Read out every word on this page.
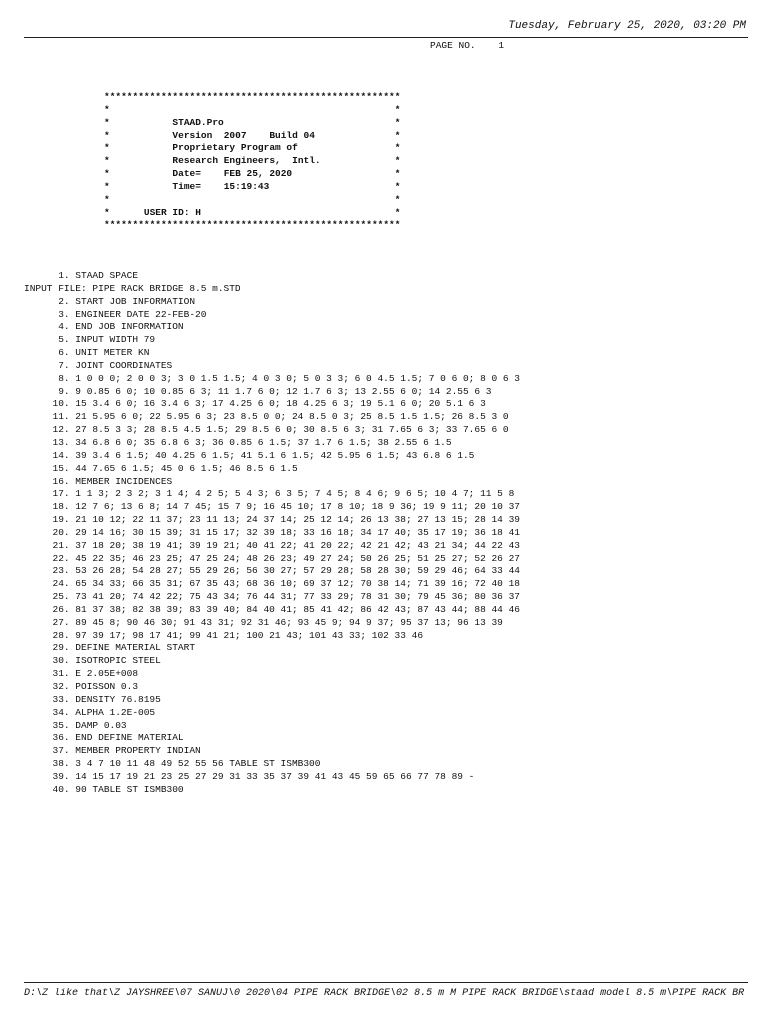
Tuesday, February 25, 2020, 03:20 PM
PAGE NO.    1
****************************************************
*                                                  *
*           STAAD.Pro                              *
*           Version  2007    Build 04              *
*           Proprietary Program of                 *
*           Research Engineers,  Intl.             *
*           Date=    FEB 25, 2020                  *
*           Time=    15:19:43                      *
*                                                  *
*      USER ID: H                                  *
****************************************************
1. STAAD SPACE
INPUT FILE: PIPE RACK BRIDGE 8.5 m.STD
2. START JOB INFORMATION
3. ENGINEER DATE 22-FEB-20
4. END JOB INFORMATION
5. INPUT WIDTH 79
6. UNIT METER KN
7. JOINT COORDINATES
8. 1 0 0 0; 2 0 0 3; 3 0 1.5 1.5; 4 0 3 0; 5 0 3 3; 6 0 4.5 1.5; 7 0 6 0; 8 0 6 3
9. 9 0.85 6 0; 10 0.85 6 3; 11 1.7 6 0; 12 1.7 6 3; 13 2.55 6 0; 14 2.55 6 3
10. 15 3.4 6 0; 16 3.4 6 3; 17 4.25 6 0; 18 4.25 6 3; 19 5.1 6 0; 20 5.1 6 3
11. 21 5.95 6 0; 22 5.95 6 3; 23 8.5 0 0; 24 8.5 0 3; 25 8.5 1.5 1.5; 26 8.5 3 0
12. 27 8.5 3 3; 28 8.5 4.5 1.5; 29 8.5 6 0; 30 8.5 6 3; 31 7.65 6 3; 33 7.65 6 0
13. 34 6.8 6 0; 35 6.8 6 3; 36 0.85 6 1.5; 37 1.7 6 1.5; 38 2.55 6 1.5
14. 39 3.4 6 1.5; 40 4.25 6 1.5; 41 5.1 6 1.5; 42 5.95 6 1.5; 43 6.8 6 1.5
15. 44 7.65 6 1.5; 45 0 6 1.5; 46 8.5 6 1.5
16. MEMBER INCIDENCES
17. 1 1 3; 2 3 2; 3 1 4; 4 2 5; 5 4 3; 6 3 5; 7 4 5; 8 4 6; 9 6 5; 10 4 7; 11 5 8
18. 12 7 6; 13 6 8; 14 7 45; 15 7 9; 16 45 10; 17 8 10; 18 9 36; 19 9 11; 20 10 37
19. 21 10 12; 22 11 37; 23 11 13; 24 37 14; 25 12 14; 26 13 38; 27 13 15; 28 14 39
20. 29 14 16; 30 15 39; 31 15 17; 32 39 18; 33 16 18; 34 17 40; 35 17 19; 36 18 41
21. 37 18 20; 38 19 41; 39 19 21; 40 41 22; 41 20 22; 42 21 42; 43 21 34; 44 22 43
22. 45 22 35; 46 23 25; 47 25 24; 48 26 23; 49 27 24; 50 26 25; 51 25 27; 52 26 27
23. 53 26 28; 54 28 27; 55 29 26; 56 30 27; 57 29 28; 58 28 30; 59 29 46; 64 33 44
24. 65 34 33; 66 35 31; 67 35 43; 68 36 10; 69 37 12; 70 38 14; 71 39 16; 72 40 18
25. 73 41 20; 74 42 22; 75 43 34; 76 44 31; 77 33 29; 78 31 30; 79 45 36; 80 36 37
26. 81 37 38; 82 38 39; 83 39 40; 84 40 41; 85 41 42; 86 42 43; 87 43 44; 88 44 46
27. 89 45 8; 90 46 30; 91 43 31; 92 31 46; 93 45 9; 94 9 37; 95 37 13; 96 13 39
28. 97 39 17; 98 17 41; 99 41 21; 100 21 43; 101 43 33; 102 33 46
29. DEFINE MATERIAL START
30. ISOTROPIC STEEL
31. E 2.05E+008
32. POISSON 0.3
33. DENSITY 76.8195
34. ALPHA 1.2E-005
35. DAMP 0.03
36. END DEFINE MATERIAL
37. MEMBER PROPERTY INDIAN
38. 3 4 7 10 11 48 49 52 55 56 TABLE ST ISMB300
39. 14 15 17 19 21 23 25 27 29 31 33 35 37 39 41 43 45 59 65 66 77 78 89 -
40. 90 TABLE ST ISMB300
D:\Z like that\Z JAYSHREE\07 SANUJ\0 2020\04 PIPE RACK BRIDGE\02 8.5 m M PIPE RACK BRIDGE\staad model 8.5 m\PIPE RACK BR
